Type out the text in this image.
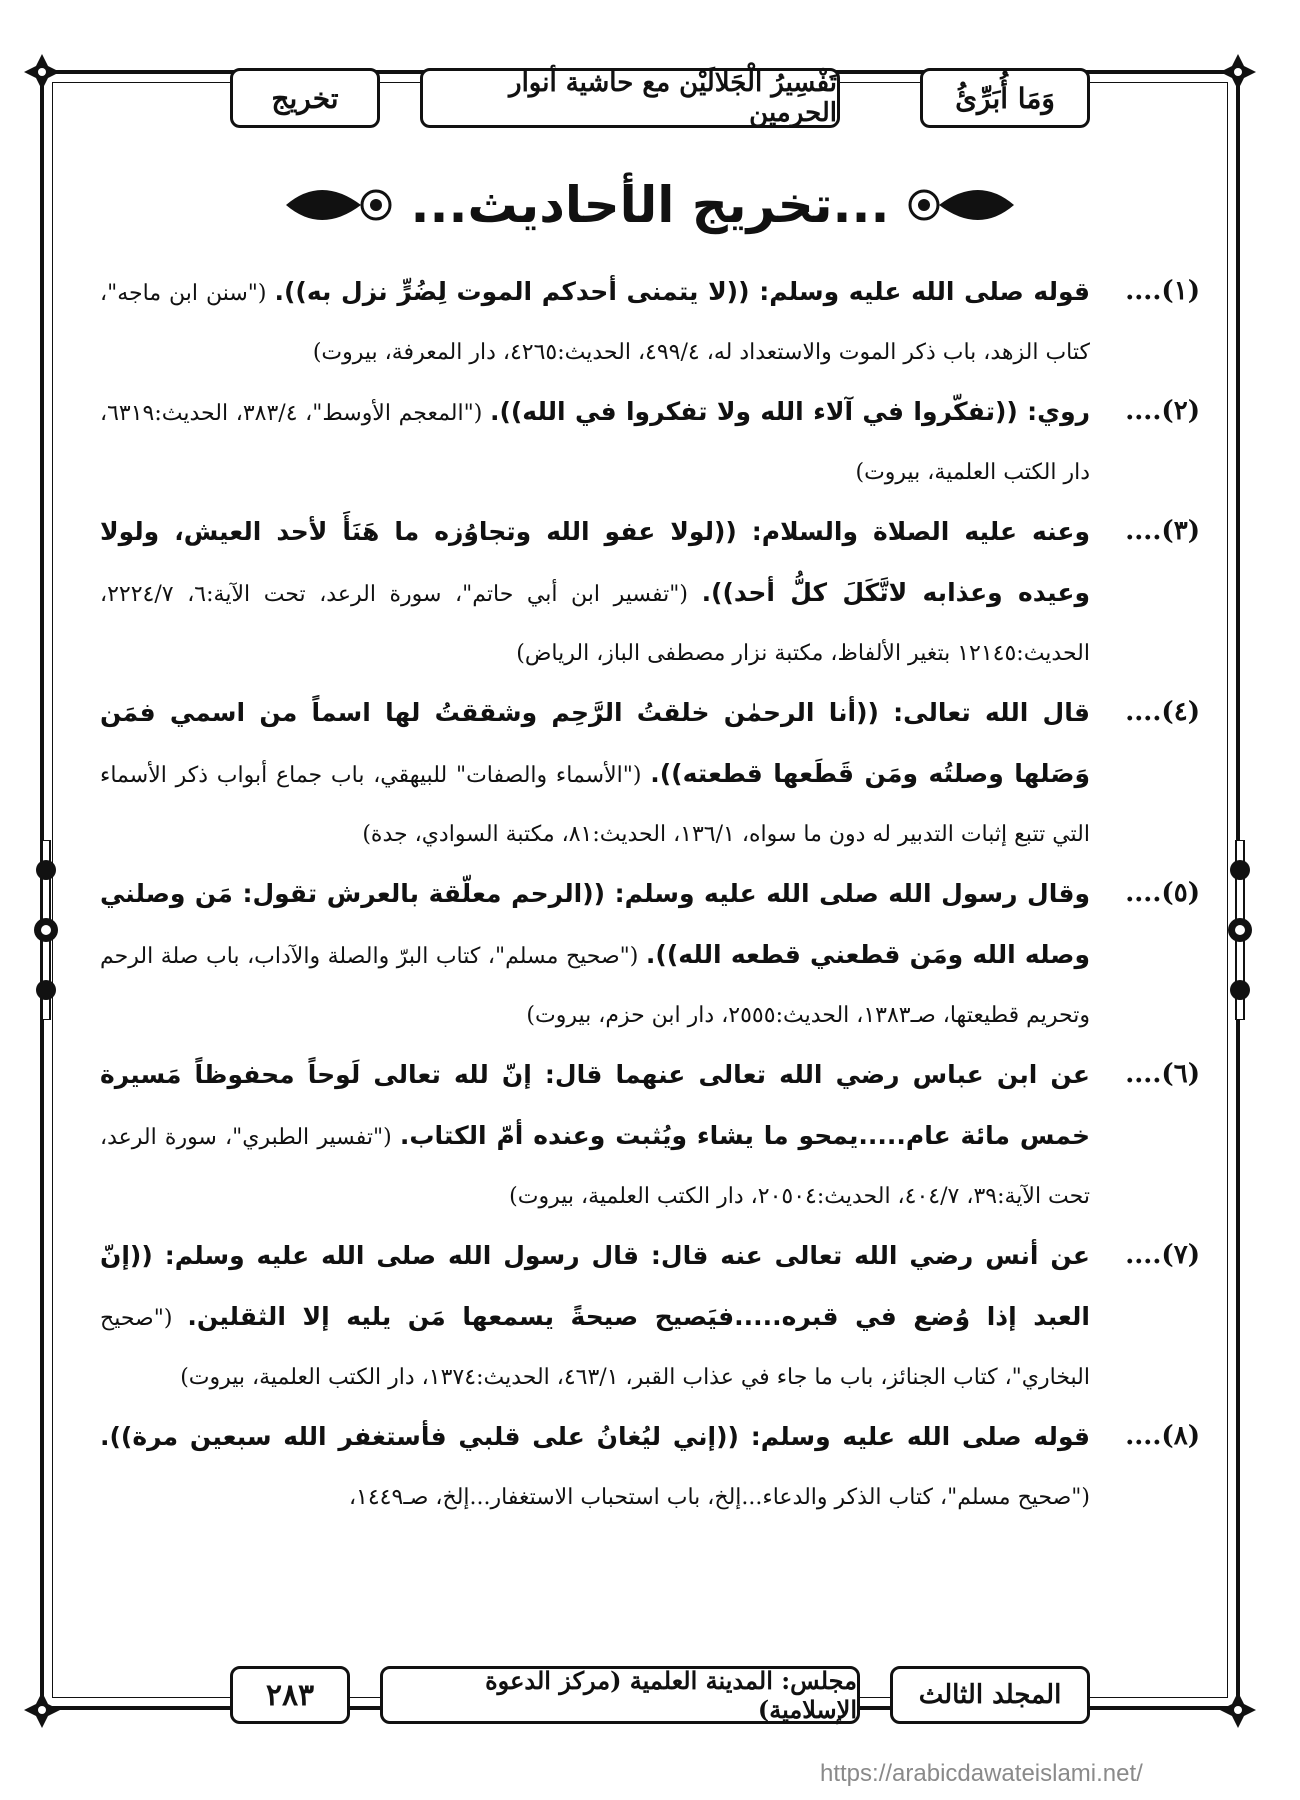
وَمَا أُبَرِّئُ
تَفْسِيرُ الْجَلالَيْن مع حاشية أنوار الحرمين
تخريج
...تخريج الأحاديث...
(١)....
قوله صلى الله عليه وسلم: ((لا يتمنى أحدكم الموت لِضُرٍّ نزل به)). ("سنن ابن ماجه"، كتاب الزهد، باب ذكر الموت والاستعداد له، ٤٩٩/٤، الحديث:٤٢٦٥، دار المعرفة، بيروت)
(٢)....
روي: ((تفكّروا في آلاء الله ولا تفكروا في الله)). ("المعجم الأوسط"، ٣٨٣/٤، الحديث:٦٣١٩، دار الكتب العلمية، بيروت)
(٣)....
وعنه عليه الصلاة والسلام: ((لولا عفو الله وتجاوُزه ما هَنَأَ لأحد العيش، ولولا وعيده وعذابه لاتَّكَلَ كلُّ أحد)). ("تفسير ابن أبي حاتم"، سورة الرعد، تحت الآية:٦، ٢٢٢٤/٧، الحديث:١٢١٤٥ بتغير الألفاظ، مكتبة نزار مصطفى الباز، الرياض)
(٤)....
قال الله تعالى: ((أنا الرحمٰن خلقتُ الرَّحِم وشققتُ لها اسماً من اسمي فمَن وَصَلها وصلتُه ومَن قَطَعها قطعته)). ("الأسماء والصفات" للبيهقي، باب جماع أبواب ذكر الأسماء التي تتبع إثبات التدبير له دون ما سواه، ١٣٦/١، الحديث:٨١، مكتبة السوادي، جدة)
(٥)....
وقال رسول الله صلى الله عليه وسلم: ((الرحم معلّقة بالعرش تقول: مَن وصلني وصله الله ومَن قطعني قطعه الله)). ("صحيح مسلم"، كتاب البرّ والصلة والآداب، باب صلة الرحم وتحريم قطيعتها، صـ١٣٨٣، الحديث:٢٥٥٥، دار ابن حزم، بيروت)
(٦)....
عن ابن عباس رضي الله تعالى عنهما قال: إنّ لله تعالى لَوحاً محفوظاً مَسيرة خمس مائة عام.....يمحو ما يشاء ويُثبت وعنده أمّ الكتاب. ("تفسير الطبري"، سورة الرعد، تحت الآية:٣٩، ٤٠٤/٧، الحديث:٢٠٥٠٤، دار الكتب العلمية، بيروت)
(٧)....
عن أنس رضي الله تعالى عنه قال: قال رسول الله صلى الله عليه وسلم: ((إنّ العبد إذا وُضع في قبره.....فيَصيح صيحةً يسمعها مَن يليه إلا الثقلين. ("صحيح البخاري"، كتاب الجنائز، باب ما جاء في عذاب القبر، ٤٦٣/١، الحديث:١٣٧٤، دار الكتب العلمية، بيروت)
(٨)....
قوله صلى الله عليه وسلم: ((إني ليُغانُ على قلبي فأستغفر الله سبعين مرة)). ("صحيح مسلم"، كتاب الذكر والدعاء...إلخ، باب استحباب الاستغفار...إلخ، صـ١٤٤٩،
المجلد الثالث
مجلس: المدينة العلمية (مركز الدعوة الإسلامية)
٢٨٣
https://arabicdawateislami.net/
